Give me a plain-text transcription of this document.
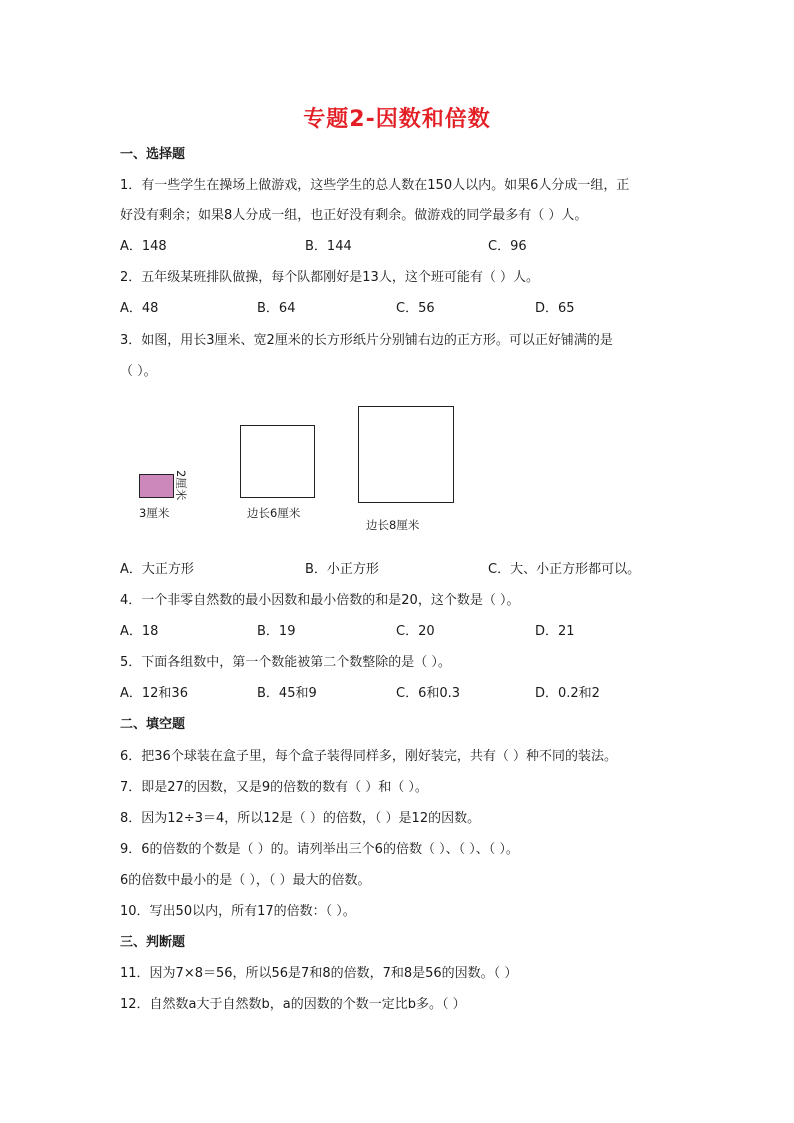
专题2-因数和倍数
一、选择题
1．有一些学生在操场上做游戏，这些学生的总人数在150人以内。如果6人分成一组，正
好没有剩余；如果8人分成一组，也正好没有剩余。做游戏的同学最多有（ ）人。
A．148	B．144	C．96
2．五年级某班排队做操，每个队都刚好是13人，这个班可能有（ ）人。
A．48	B．64	C．56	D．65
3．如图，用长3厘米、宽2厘米的长方形纸片分别铺右边的正方形。可以正好铺满的是
（ ）。
2厘米
3厘米	边长6厘米
边长8厘米
A．大正方形	B．小正方形	C．大、小正方形都可以。
4．一个非零自然数的最小因数和最小倍数的和是20，这个数是（ ）。
A．18	B．19	C．20	D．21
5．下面各组数中，第一个数能被第二个数整除的是（ ）。
A．12和36	B．45和9	C．6和0.3	D．0.2和2
二、填空题
6．把36个球装在盒子里，每个盒子装得同样多，刚好装完，共有（ ）种不同的装法。
7．即是27的因数，又是9的倍数的数有（ ）和（ ）。
8．因为12÷3＝4，所以12是（ ）的倍数，（ ）是12的因数。
9．6的倍数的个数是（ ）的。请列举出三个6的倍数（ ）、（ ）、（ ）。
6的倍数中最小的是（ ），（ ）最大的倍数。
10．写出50以内，所有17的倍数：（ ）。
三、判断题
11．因为7×8＝56，所以56是7和8的倍数，7和8是56的因数。（ ）
12．自然数a大于自然数b，a的因数的个数一定比b多。（ ）
